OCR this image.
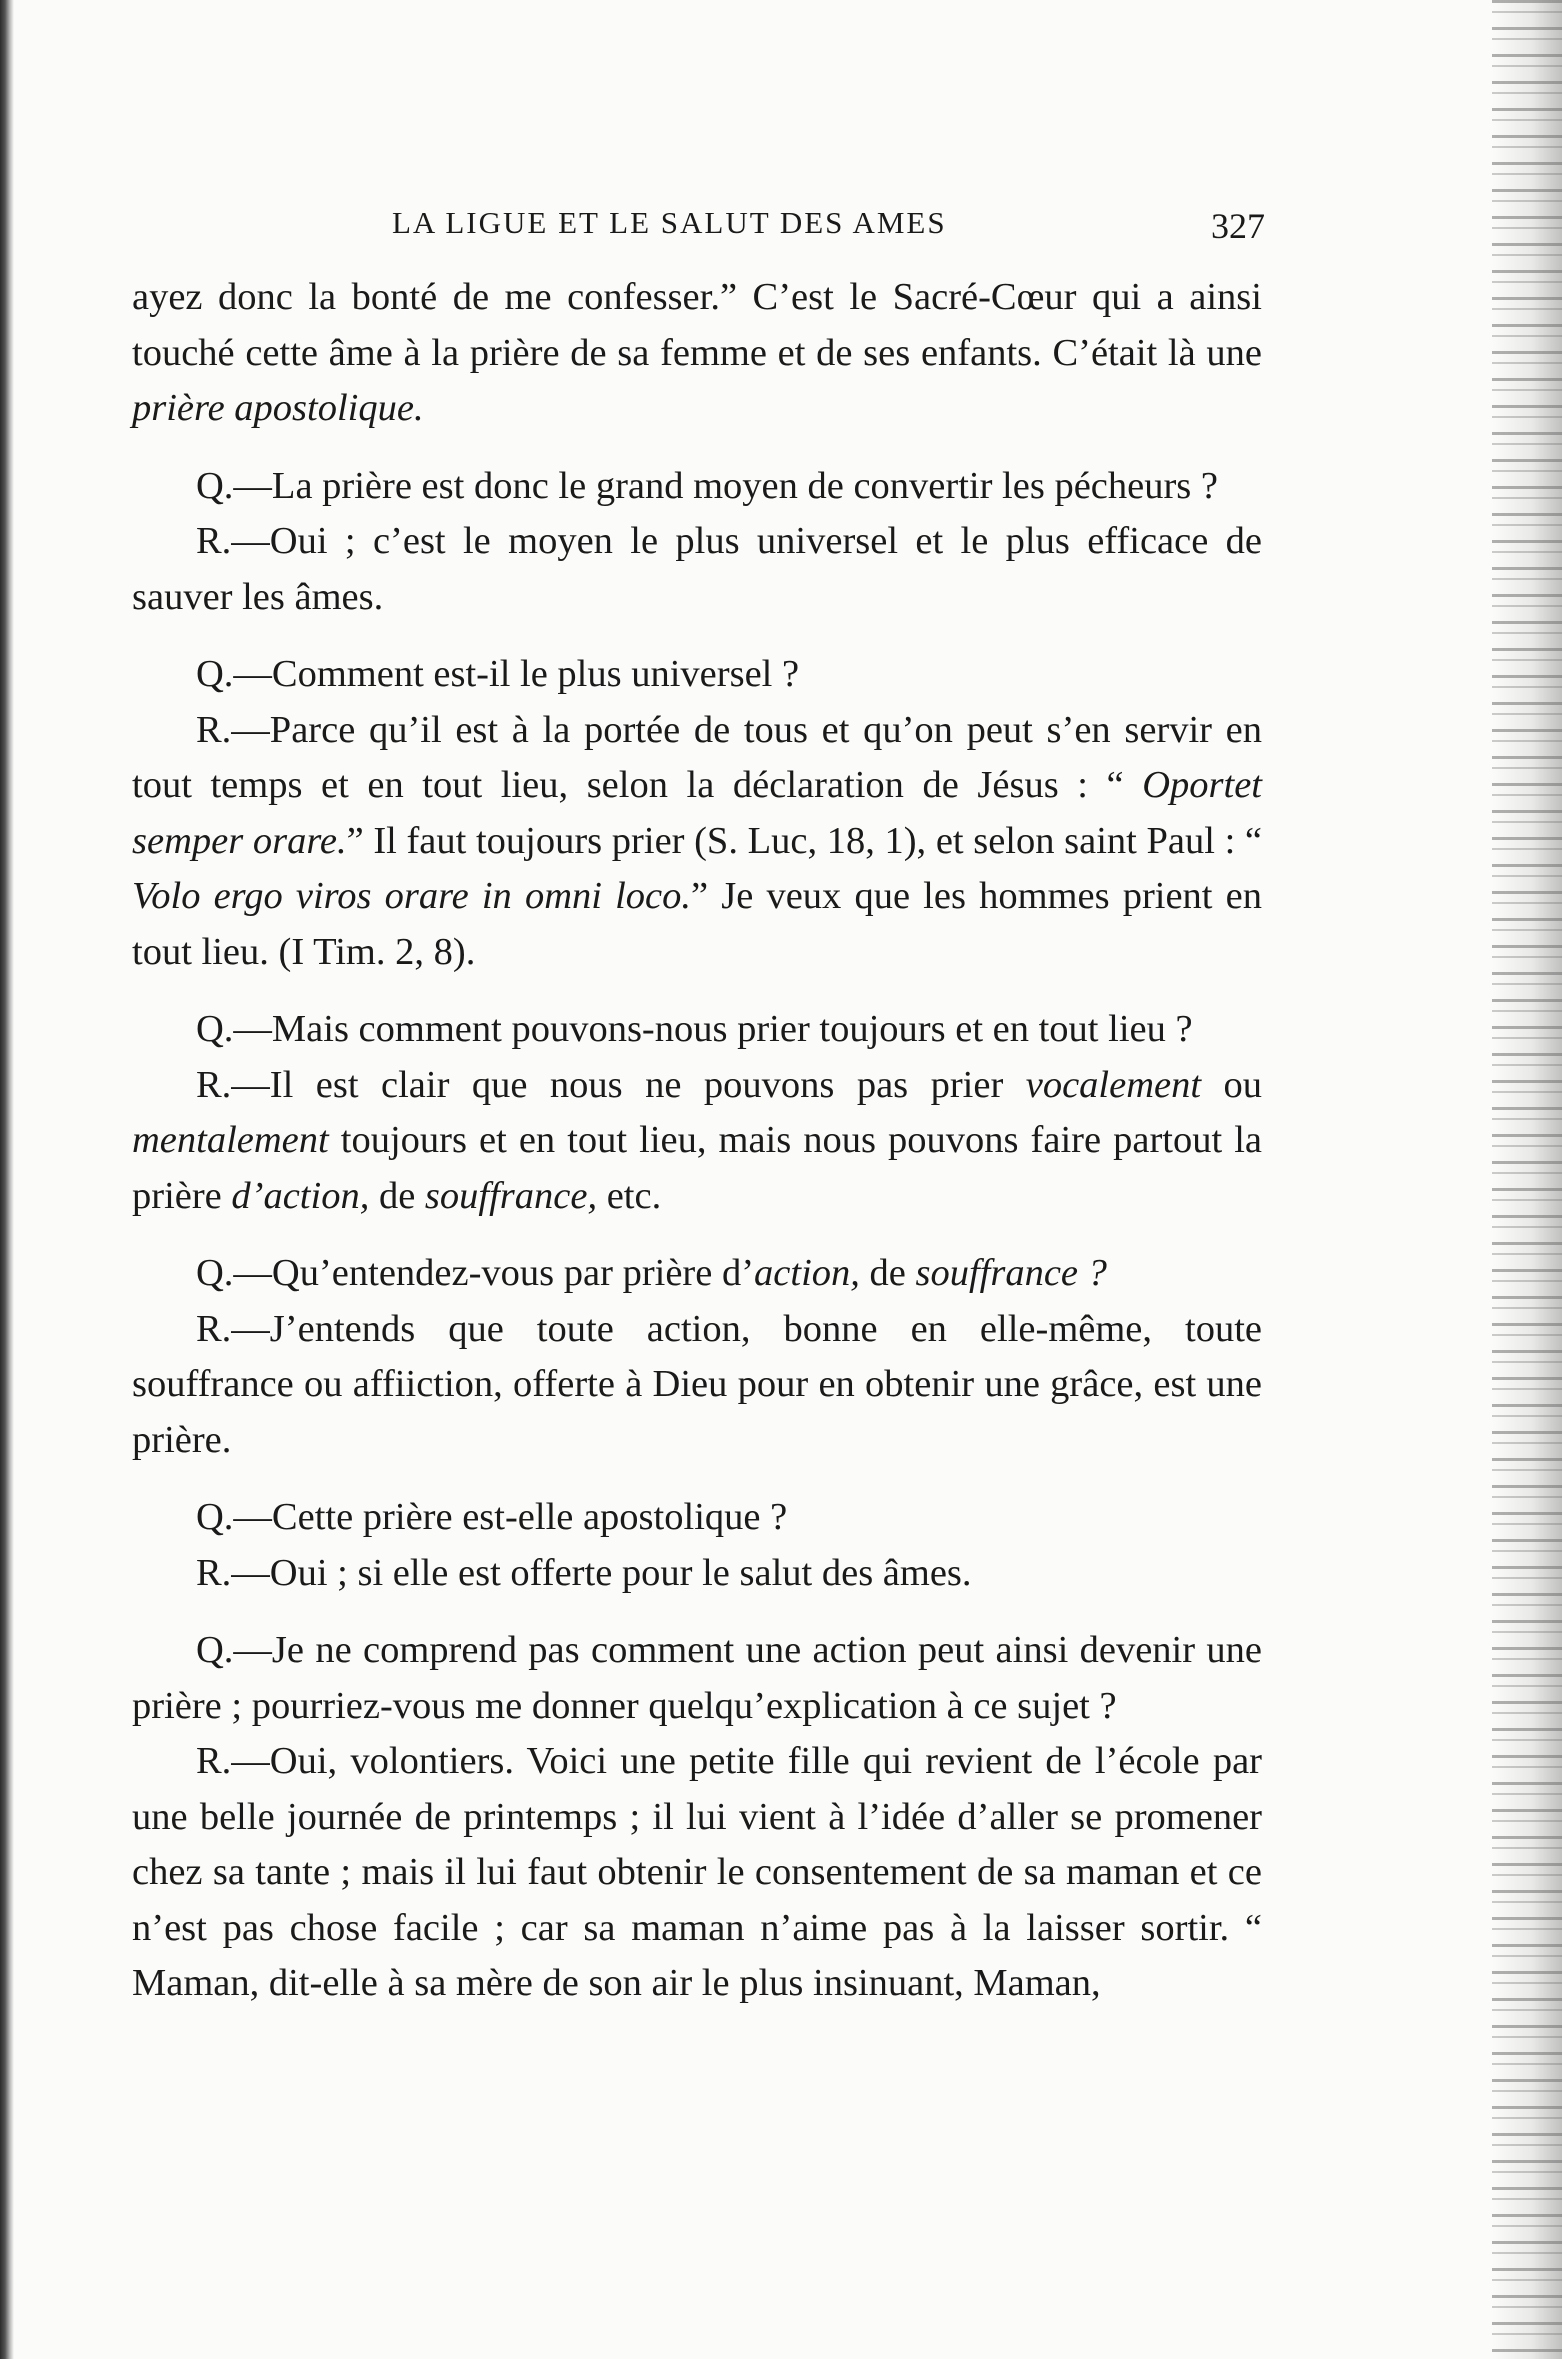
LA LIGUE ET LE SALUT DES AMES	327

ayez donc la bonté de me confesser.” C’est le Sacré-Cœur qui a ainsi touché cette âme à la prière de sa femme et de ses enfants. C’était là une prière apostolique.

Q.—La prière est donc le grand moyen de convertir les pécheurs ?

R.—Oui ; c’est le moyen le plus universel et le plus efficace de sauver les âmes.

Q.—Comment est-il le plus universel ?

R.—Parce qu’il est à la portée de tous et qu’on peut s’en servir en tout temps et en tout lieu, selon la déclaration de Jésus : “ Oportet semper orare.” Il faut toujours prier (S. Luc, 18, 1), et selon saint Paul : “ Volo ergo viros orare in omni loco.” Je veux que les hommes prient en tout lieu. (I Tim. 2, 8).

Q.—Mais comment pouvons-nous prier toujours et en tout lieu ?

R.—Il est clair que nous ne pouvons pas prier vocalement ou mentalement toujours et en tout lieu, mais nous pouvons faire partout la prière d’action, de souffrance, etc.

Q.—Qu’entendez-vous par prière d’action, de souffrance ?

R.—J’entends que toute action, bonne en elle-même, toute souffrance ou affiiction, offerte à Dieu pour en obtenir une grâce, est une prière.

Q.—Cette prière est-elle apostolique ?

R.—Oui ; si elle est offerte pour le salut des âmes.

Q.—Je ne comprend pas comment une action peut ainsi devenir une prière ; pourriez-vous me donner quelqu’explication à ce sujet ?

R.—Oui, volontiers. Voici une petite fille qui revient de l’école par une belle journée de printemps ; il lui vient à l’idée d’aller se promener chez sa tante ; mais il lui faut obtenir le consentement de sa maman et ce n’est pas chose facile ; car sa maman n’aime pas à la laisser sortir. “ Maman, dit-elle à sa mère de son air le plus insinuant, Maman,
